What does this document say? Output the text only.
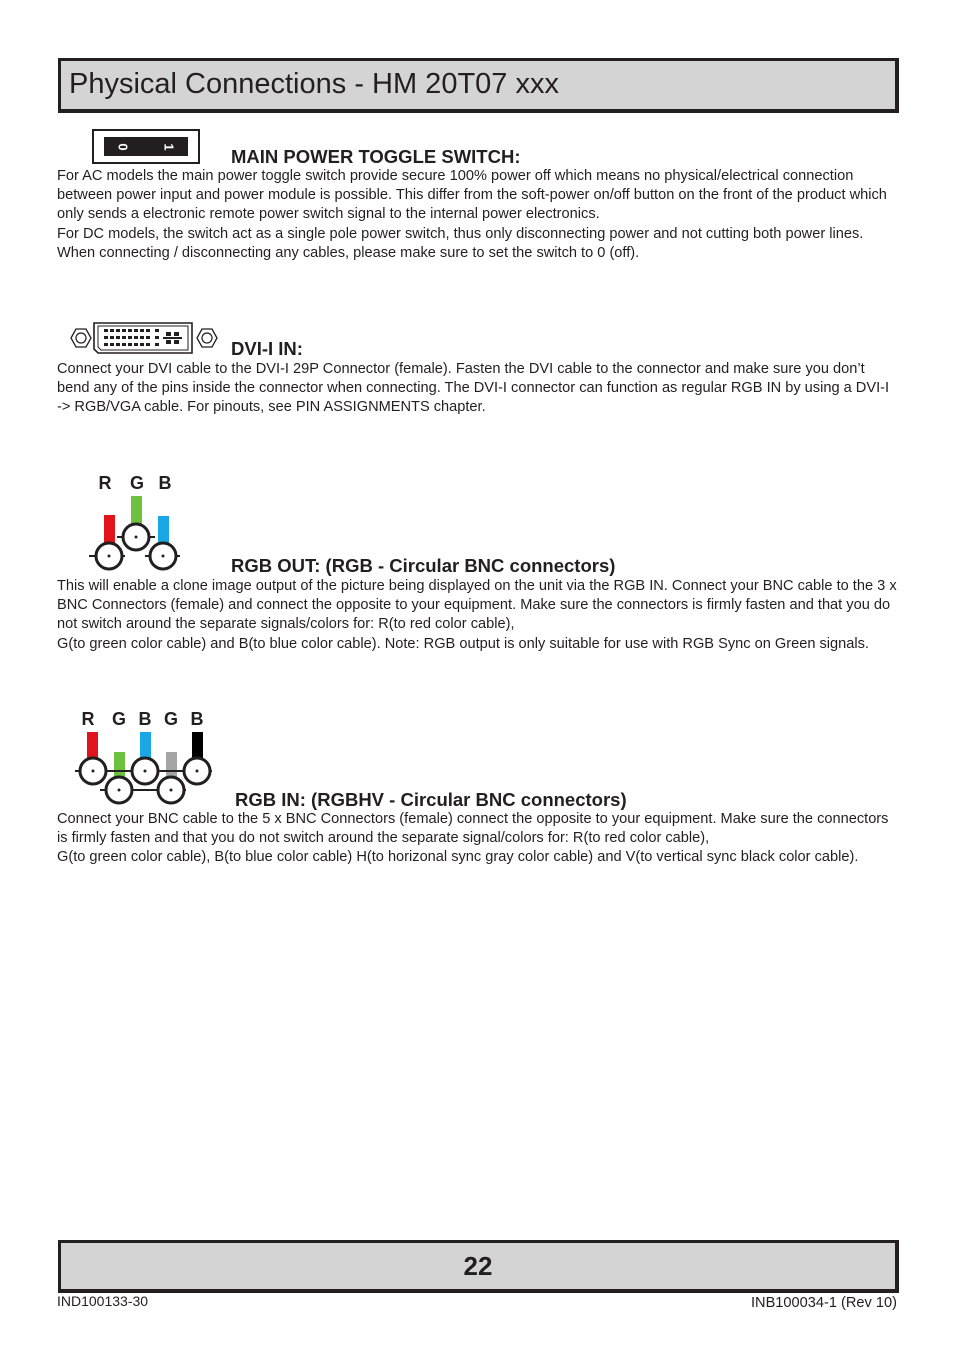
Physical Connections - HM 20T07 xxx
0 1	MAIN POWER TOGGLE SWITCH:

For AC models the main power toggle switch provide secure 100% power off which means no physical/electrical connection between power input and power module is possible. This differ from the soft-power on/off button on the front of the product which only sends a electronic remote power switch signal to the internal power electronics.

For DC models, the switch act as a single pole power switch, thus only disconnecting power and not cutting both power lines. When connecting / disconnecting any cables, please make sure to set the switch to 0 (off).

DVI-I IN:

Connect your DVI cable to the DVI-I 29P Connector (female). Fasten the DVI cable to the connector and make sure you don’t bend any of the pins inside the connector when connecting. The DVI-I connector can function as regular RGB IN by using a DVI-I -> RGB/VGA cable. For pinouts, see PIN ASSIGNMENTS chapter.

R G B
RGB OUT: (RGB - Circular BNC connectors)

This will enable a clone image output of the picture being displayed on the unit via the RGB IN. Connect your BNC cable to the 3 x BNC Connectors (female) and connect the opposite to your equipment. Make sure the connectors is firmly fasten and that you do not switch around the separate signals/colors for: R(to red color cable),

G(to green color cable) and B(to blue color cable). Note: RGB output is only suitable for use with RGB Sync on Green signals.

R G B G B
RGB IN: (RGBHV - Circular BNC connectors)

Connect your BNC cable to the 5 x BNC Connectors (female) connect the opposite to your equipment. Make sure the connectors is firmly fasten and that you do not switch around the separate signal/colors for: R(to red color cable),

G(to green color cable), B(to blue color cable) H(to horizonal sync gray color cable) and V(to vertical sync black color cable).

22
IND100133-30	INB100034-1 (Rev 10)
